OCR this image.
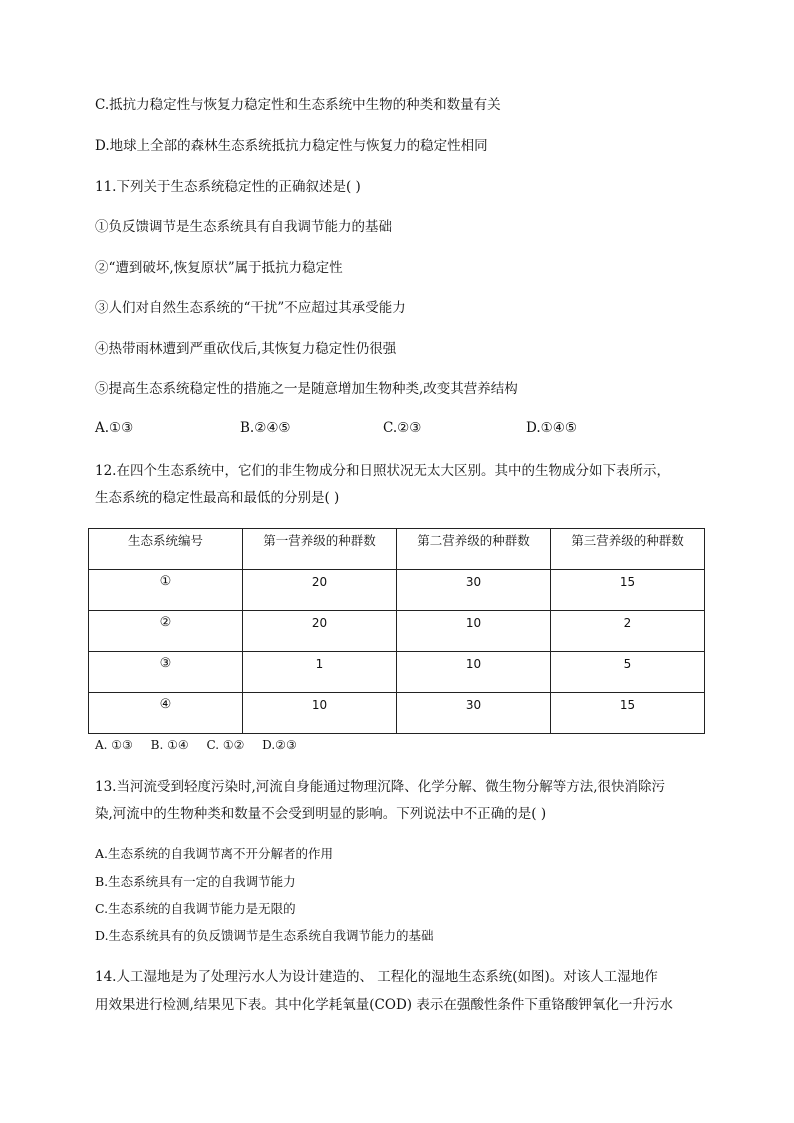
C.抵抗力稳定性与恢复力稳定性和生态系统中生物的种类和数量有关
D.地球上全部的森林生态系统抵抗力稳定性与恢复力的稳定性相同
11.下列关于生态系统稳定性的正确叙述是( )
①负反馈调节是生态系统具有自我调节能力的基础
②“遭到破坏,恢复原状”属于抵抗力稳定性
③人们对自然生态系统的“干扰”不应超过其承受能力
④热带雨林遭到严重砍伐后,其恢复力稳定性仍很强
⑤提高生态系统稳定性的措施之一是随意增加生物种类,改变其营养结构
A.①③	B.②④⑤	C.②③	D.①④⑤
12.在四个生态系统中，它们的非生物成分和日照状况无太大区别。其中的生物成分如下表所示，
生态系统的稳定性最高和最低的分别是( )
生态系统编号	第一营养级的种群数	第二营养级的种群数	第三营养级的种群数
①	20	30	15
②	20	10	2
③	1	10	5
④	10	30	15
A. ①③ B. ①④ C. ①② D.②③
13.当河流受到轻度污染时,河流自身能通过物理沉降、化学分解、微生物分解等方法,很快消除污
染,河流中的生物种类和数量不会受到明显的影响。下列说法中不正确的是( )
A.生态系统的自我调节离不开分解者的作用
B.生态系统具有一定的自我调节能力
C.生态系统的自我调节能力是无限的
D.生态系统具有的负反馈调节是生态系统自我调节能力的基础
14.人工湿地是为了处理污水人为设计建造的、 工程化的湿地生态系统(如图)。对该人工湿地作
用效果进行检测,结果见下表。其中化学耗氧量(COD) 表示在强酸性条件下重铬酸钾氧化一升污水
